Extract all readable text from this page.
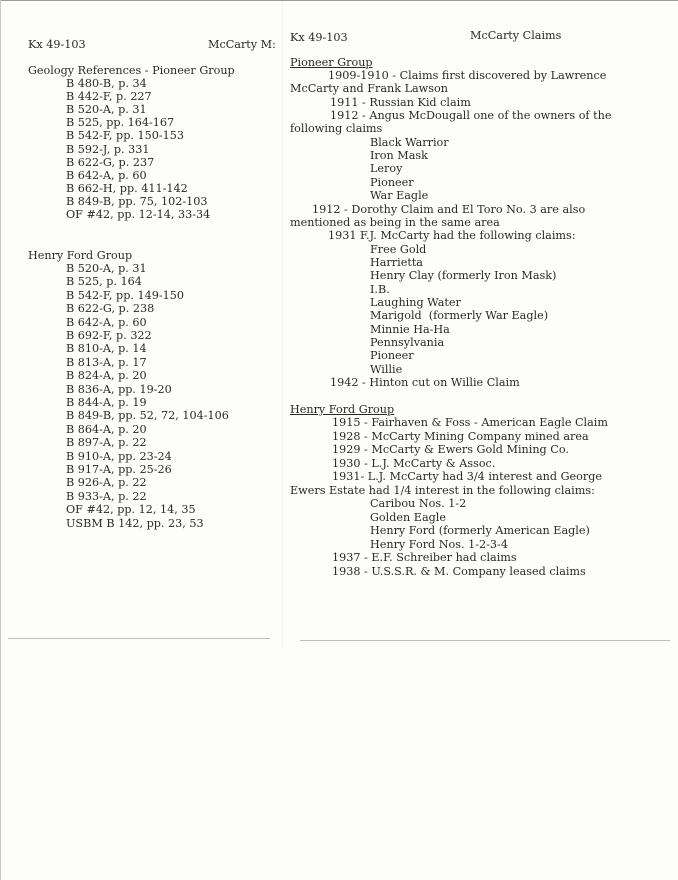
Kx 49-103	McCarty M:
Geology References - Pioneer Group
B 480-B, p. 34
B 442-F, p. 227
B 520-A, p. 31
B 525, pp. 164-167
B 542-F, pp. 150-153
B 592-J, p. 331
B 622-G, p. 237
B 642-A, p. 60
B 662-H, pp. 411-142
B 849-B, pp. 75, 102-103
OF #42, pp. 12-14, 33-34
Henry Ford Group
B 520-A, p. 31
B 525, p. 164
B 542-F, pp. 149-150
B 622-G, p. 238
B 642-A, p. 60
B 692-F, p. 322
B 810-A, p. 14
B 813-A, p. 17
B 824-A, p. 20
B 836-A, pp. 19-20
B 844-A, p. 19
B 849-B, pp. 52, 72, 104-106
B 864-A, p. 20
B 897-A, p. 22
B 910-A, pp. 23-24
B 917-A, pp. 25-26
B 926-A, p. 22
B 933-A, p. 22
OF #42, pp. 12, 14, 35
USBM B 142, pp. 23, 53
Kx 49-103	McCarty Claims
Pioneer Group
1909-1910 - Claims first discovered by Lawrence
McCarty and Frank Lawson
1911 - Russian Kid claim
1912 - Angus McDougall one of the owners of the
following claims
Black Warrior
Iron Mask
Leroy
Pioneer
War Eagle
1912 - Dorothy Claim and El Toro No. 3 are also
mentioned as being in the same area
1931 F.J. McCarty had the following claims:
Free Gold
Harrietta
Henry Clay (formerly Iron Mask)
I.B.
Laughing Water
Marigold  (formerly War Eagle)
Minnie Ha-Ha
Pennsylvania
Pioneer
Willie
1942 - Hinton cut on Willie Claim
Henry Ford Group
1915 - Fairhaven & Foss - American Eagle Claim
1928 - McCarty Mining Company mined area
1929 - McCarty & Ewers Gold Mining Co.
1930 - L.J. McCarty & Assoc.
1931- L.J. McCarty had 3/4 interest and George
Ewers Estate had 1/4 interest in the following claims:
Caribou Nos. 1-2
Golden Eagle
Henry Ford (formerly American Eagle)
Henry Ford Nos. 1-2-3-4
1937 - E.F. Schreiber had claims
1938 - U.S.S.R. & M. Company leased claims
